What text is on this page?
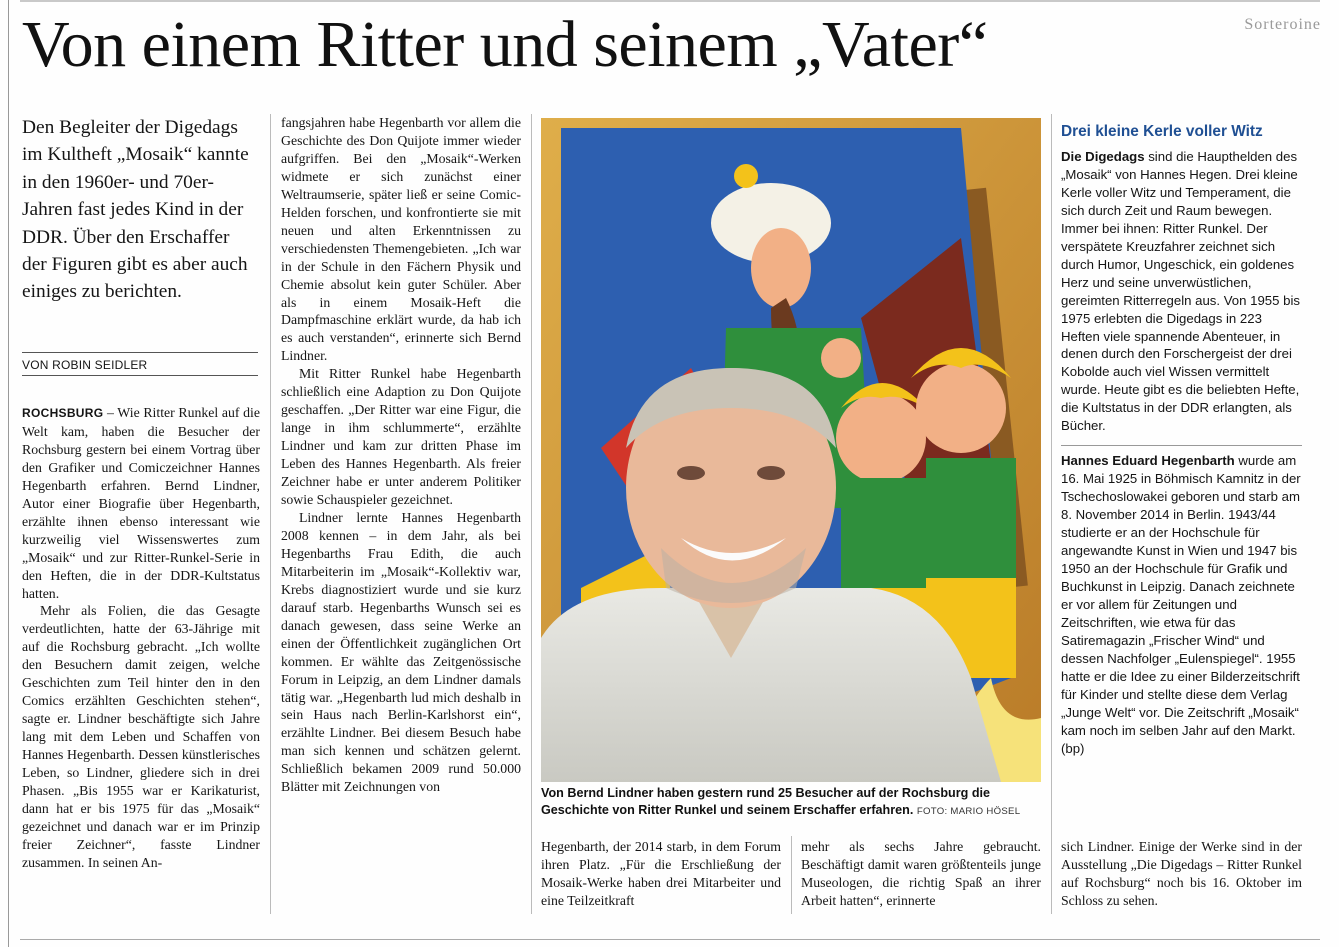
Sorteroine
Von einem Ritter und seinem „Vater“

Den Begleiter der Digedags im Kultheft „Mosaik“ kannte in den 1960er- und 70er-Jahren fast jedes Kind in der DDR. Über den Erschaffer der Figuren gibt es aber auch einiges zu berichten.

VON ROBIN SEIDLER

ROCHSBURG – Wie Ritter Runkel auf die Welt kam, haben die Besucher der Rochsburg gestern bei einem Vortrag über den Grafiker und Comiczeichner Hannes Hegenbarth erfahren. Bernd Lindner, Autor einer Biografie über Hegenbarth, erzählte ihnen ebenso interessant wie kurzweilig viel Wissenswertes zum „Mosaik“ und zur Ritter-Runkel-Serie in den Heften, die in der DDR-Kultstatus hatten.

Mehr als Folien, die das Gesagte verdeutlichten, hatte der 63-Jährige mit auf die Rochsburg gebracht. „Ich wollte den Besuchern damit zeigen, welche Geschichten zum Teil hinter den in den Comics erzählten Geschichten stehen“, sagte er. Lindner beschäftigte sich Jahre lang mit dem Leben und Schaffen von Hannes Hegenbarth. Dessen künstlerisches Leben, so Lindner, gliedere sich in drei Phasen. „Bis 1955 war er Karikaturist, dann hat er bis 1975 für das „Mosaik“ gezeichnet und danach war er im Prinzip freier Zeichner“, fasste Lindner zusammen. In seinen An-

fangsjahren habe Hegenbarth vor allem die Geschichte des Don Quijote immer wieder aufgriffen. Bei den „Mosaik“-Werken widmete er sich zunächst einer Weltraumserie, später ließ er seine Comic-Helden forschen, und konfrontierte sie mit neuen und alten Erkenntnissen zu verschiedensten Themengebieten. „Ich war in der Schule in den Fächern Physik und Chemie absolut kein guter Schüler. Aber als in einem Mosaik-Heft die Dampfmaschine erklärt wurde, da hab ich es auch verstanden“, erinnerte sich Bernd Lindner.

Mit Ritter Runkel habe Hegenbarth schließlich eine Adaption zu Don Quijote geschaffen. „Der Ritter war eine Figur, die lange in ihm schlummerte“, erzählte Lindner und kam zur dritten Phase im Leben des Hannes Hegenbarth. Als freier Zeichner habe er unter anderem Politiker sowie Schauspieler gezeichnet.

Lindner lernte Hannes Hegenbarth 2008 kennen – in dem Jahr, als bei Hegenbarths Frau Edith, die auch Mitarbeiterin im „Mosaik“-Kollektiv war, Krebs diagnostiziert wurde und sie kurz darauf starb. Hegenbarths Wunsch sei es danach gewesen, dass seine Werke an einen der Öffentlichkeit zugänglichen Ort kommen. Er wählte das Zeitgenössische Forum in Leipzig, an dem Lindner damals tätig war. „Hegenbarth lud mich deshalb in sein Haus nach Berlin-Karlshorst ein“, erzählte Lindner. Bei diesem Besuch habe man sich kennen und schätzen gelernt. Schließlich bekamen 2009 rund 50.000 Blätter mit Zeichnungen von	Von Bernd Lindner haben gestern rund 25 Besucher auf der Rochsburg die Geschichte von Ritter Runkel und seinem Erschaffer erfahren. FOTO: MARIO HÖSEL

Hegenbarth, der 2014 starb, in dem Forum ihren Platz. „Für die Erschließung der Mosaik-Werke haben drei Mitarbeiter und eine Teilzeitkraft

mehr als sechs Jahre gebraucht. Beschäftigt damit waren größtenteils junge Museologen, die richtig Spaß an ihrer Arbeit hatten“, erinnerte

sich Lindner. Einige der Werke sind in der Ausstellung „Die Digedags – Ritter Runkel auf Rochsburg“ noch bis 16. Oktober im Schloss zu sehen.

Drei kleine Kerle voller Witz

Die Digedags sind die Haupthelden des „Mosaik“ von Hannes Hegen. Drei kleine Kerle voller Witz und Temperament, die sich durch Zeit und Raum bewegen. Immer bei ihnen: Ritter Runkel. Der verspätete Kreuzfahrer zeichnet sich durch Humor, Ungeschick, ein goldenes Herz und seine unverwüstlichen, gereimten Ritterregeln aus. Von 1955 bis 1975 erlebten die Digedags in 223 Heften viele spannende Abenteuer, in denen durch den Forschergeist der drei Kobolde auch viel Wissen vermittelt wurde. Heute gibt es die beliebten Hefte, die Kultstatus in der DDR erlangten, als Bücher.

Hannes Eduard Hegenbarth wurde am 16. Mai 1925 in Böhmisch Kamnitz in der Tschechoslowakei geboren und starb am 8. November 2014 in Berlin. 1943/44 studierte er an der Hochschule für angewandte Kunst in Wien und 1947 bis 1950 an der Hochschule für Grafik und Buchkunst in Leipzig. Danach zeichnete er vor allem für Zeitungen und Zeitschriften, wie etwa für das Satiremagazin „Frischer Wind“ und dessen Nachfolger „Eulenspiegel“. 1955 hatte er die Idee zu einer Bilderzeitschrift für Kinder und stellte diese dem Verlag „Junge Welt“ vor. Die Zeitschrift „Mosaik“ kam noch im selben Jahr auf den Markt. (bp)
